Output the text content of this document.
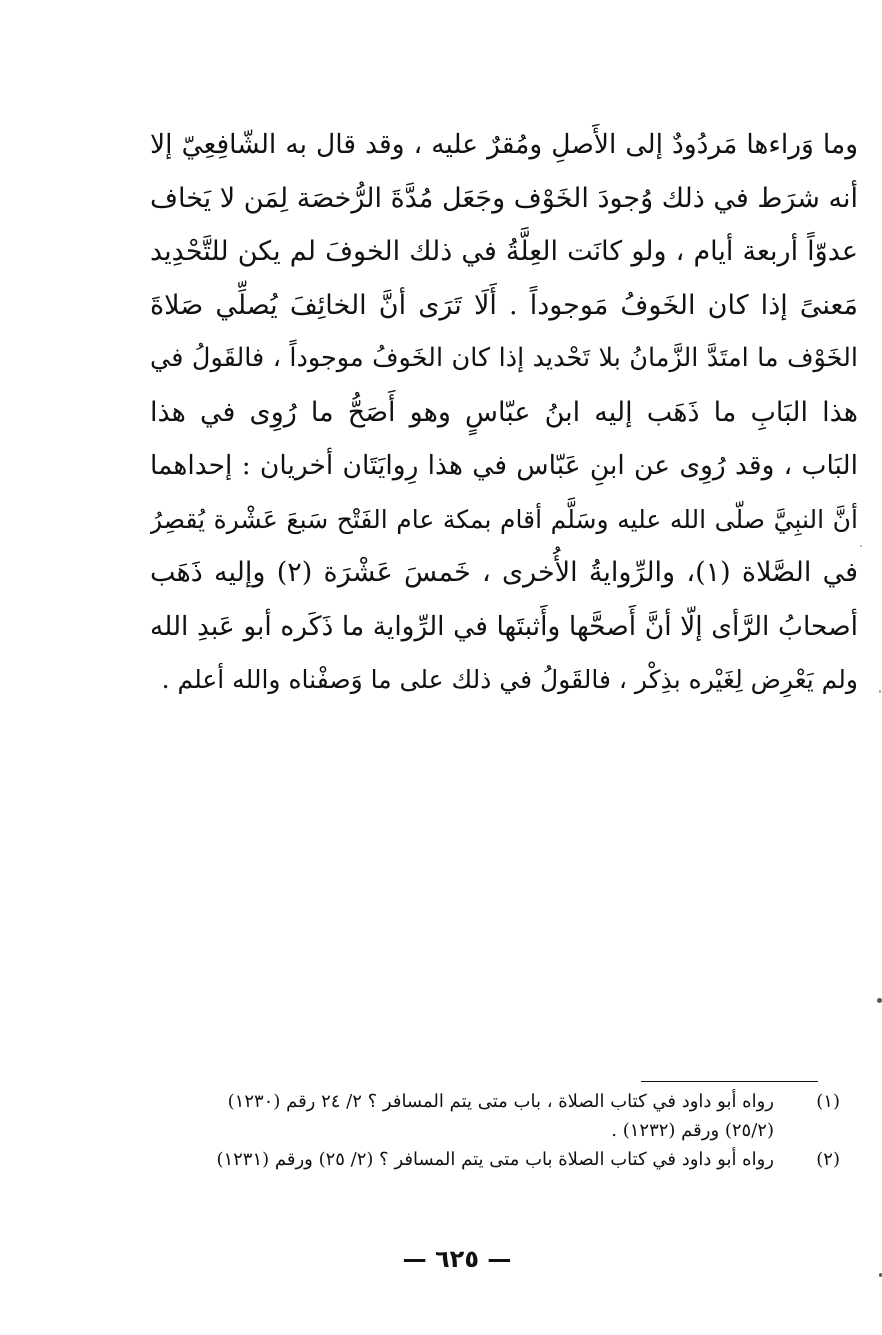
وما وَراءها مَردُودٌ إلى الأَصلِ ومُقرٌ عليه ، وقد قال به الشّافِعِيّ إلا
أنه شرَط في ذلك وُجودَ الخَوْف وجَعَل مُدَّةَ الرُّخصَة لِمَن لا يَخاف
عدوّاً أربعة أيام ، ولو كانَت العِلَّةُ في ذلك الخوفَ لم يكن للتَّحْدِيد
مَعنىً إذا كان الخَوفُ مَوجوداً . أَلَا تَرَى أنَّ الخائِفَ يُصلِّي صَلاةَ
الخَوْف ما امتَدَّ الزَّمانُ بلا تَحْديد إذا كان الخَوفُ موجوداً ، فالقَولُ في
هذا البَابِ ما ذَهَب إليه ابنُ عبّاسٍ وهو أَصَحُّ ما رُوِى في هذا
البَاب ، وقد رُوِى عن ابنِ عَبّاس في هذا رِوايَتَان أخريان : إحداهما
أنَّ النبِيَّ صلّى الله عليه وسَلَّم أقام بمكة عام الفَتْح سَبعَ عَشْرة يُقصِرُ
في الصَّلاة (١)، والرِّوايةُ الأُخرى ، خَمسَ عَشْرَة (٢) وإليه ذَهَب
أصحابُ الرَّأى إلّا أنَّ أَصحَّها وأَثبتَها في الرِّواية ما ذَكَره أبو عَبدِ الله
ولم يَعْرِض لِغَيْره بذِكْر ، فالقَولُ في ذلك على ما وَصفْناه والله أعلم .
(١)
رواه أبو داود في كتاب الصلاة ، باب متى يتم المسافر ؟ ٢/ ٢٤ رقم (١٢٣٠)
(٢٥/٢) ورقم (١٢٣٢) .
(٢)
رواه أبو داود في كتاب الصلاة باب متى يتم المسافر ؟ (٢/ ٢٥) ورقم (١٢٣١)
— ٦٢٥ —
